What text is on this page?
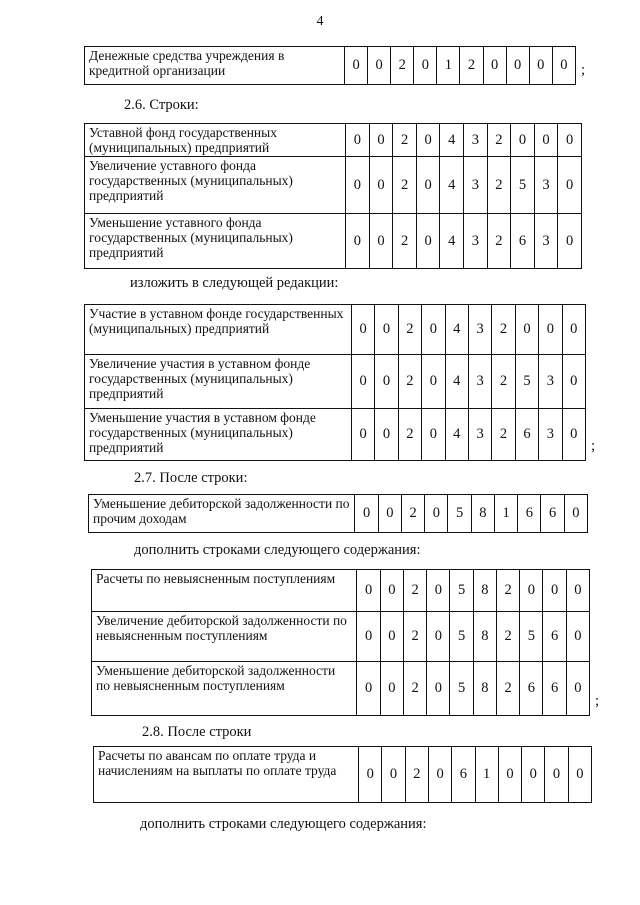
4
Денежные средства учреждения в кредитной организации	0	0	2	0	1	2	0	0	0	0 ;
2.6. Строки:
Уставной фонд государственных (муниципальных) предприятий	0	0	2	0	4	3	2	0	0	0
Увеличение уставного фонда государственных (муниципальных) предприятий	0	0	2	0	4	3	2	5	3	0
Уменьшение уставного фонда государственных (муниципальных) предприятий	0	0	2	0	4	3	2	6	3	0
изложить в следующей редакции:
Участие в уставном фонде государственных (муниципальных) предприятий	0	0	2	0	4	3	2	0	0	0
Увеличение участия в уставном фонде государственных (муниципальных) предприятий	0	0	2	0	4	3	2	5	3	0
Уменьшение участия в уставном фонде государственных (муниципальных) предприятий	0	0	2	0	4	3	2	6	3	0
;
2.7. После строки:
Уменьшение дебиторской задолженности по прочим доходам	0	0	2	0	5	8	1	6	6	0
дополнить строками следующего содержания:
Расчеты по невыясненным поступлениям	0	0	2	0	5	8	2	0	0	0
Увеличение дебиторской задолженности по невыясненным поступлениям	0	0	2	0	5	8	2	5	6	0
Уменьшение дебиторской задолженности по невыясненным поступлениям	0	0	2	0	5	8	2	6	6	0
;
2.8. После строки
Расчеты по авансам по оплате труда и начислениям на выплаты по оплате труда	0	0	2	0	6	1	0	0	0	0
дополнить строками следующего содержания:
